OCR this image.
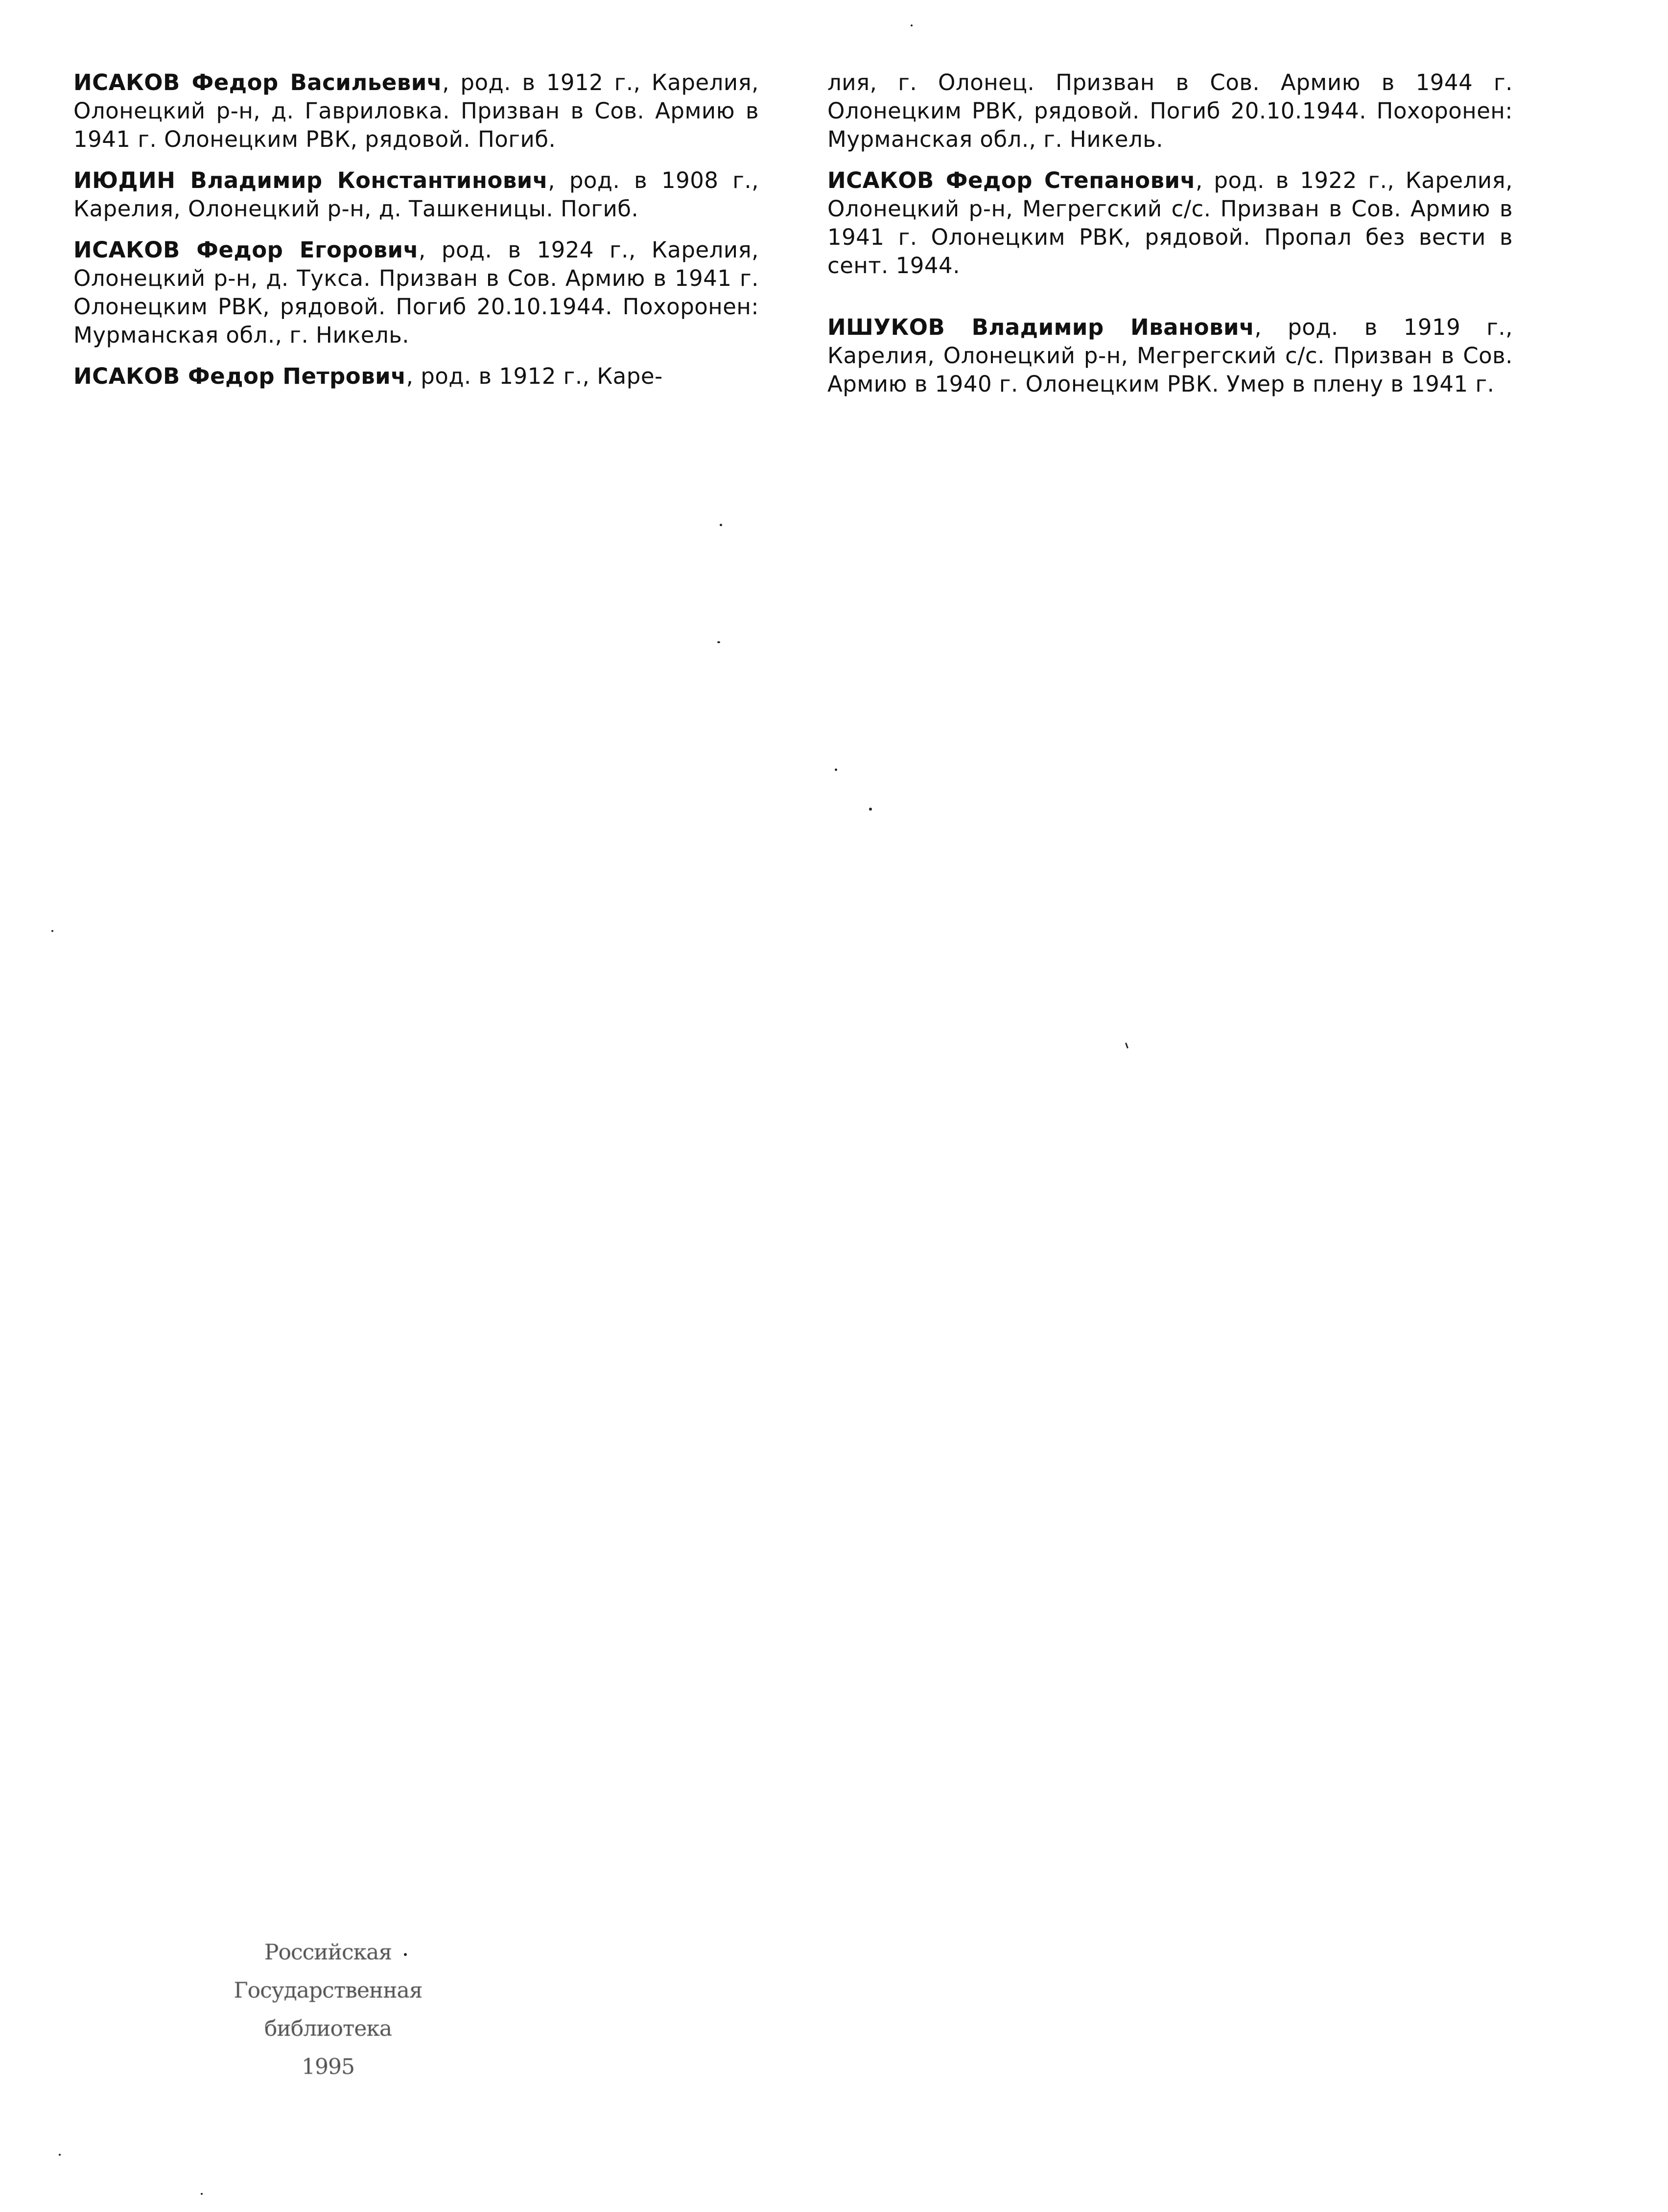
ИСАКОВ Федор Васильевич, род. в 1912 г., Карелия, Олонецкий р-н, д. Гавриловка. Призван в Сов. Армию в 1941 г. Олонецким РВК, рядовой. Погиб.

ИЮДИН Владимир Константинович, род. в 1908 г., Карелия, Олонецкий р-н, д. Ташкеницы. Погиб.

ИСАКОВ Федор Егорович, род. в 1924 г., Карелия, Олонецкий р-н, д. Тукса. Призван в Сов. Армию в 1941 г. Олонецким РВК, рядовой. Погиб 20.10.1944. Похоронен: Мурманская обл., г. Никель.

ИСАКОВ Федор Петрович, род. в 1912 г., Каре-

лия, г. Олонец. Призван в Сов. Армию в 1944 г. Олонецким РВК, рядовой. Погиб 20.10.1944. Похоронен: Мурманская обл., г. Никель.

ИСАКОВ Федор Степанович, род. в 1922 г., Карелия, Олонецкий р-н, Мегрегский с/с. Призван в Сов. Армию в 1941 г. Олонецким РВК, рядовой. Пропал без вести в сент. 1944.

ИШУКОВ Владимир Иванович, род. в 1919 г., Карелия, Олонецкий р-н, Мегрегский с/с. Призван в Сов. Армию в 1940 г. Олонецким РВК. Умер в плену в 1941 г.

Российская
Государственная
библиотека
1995
